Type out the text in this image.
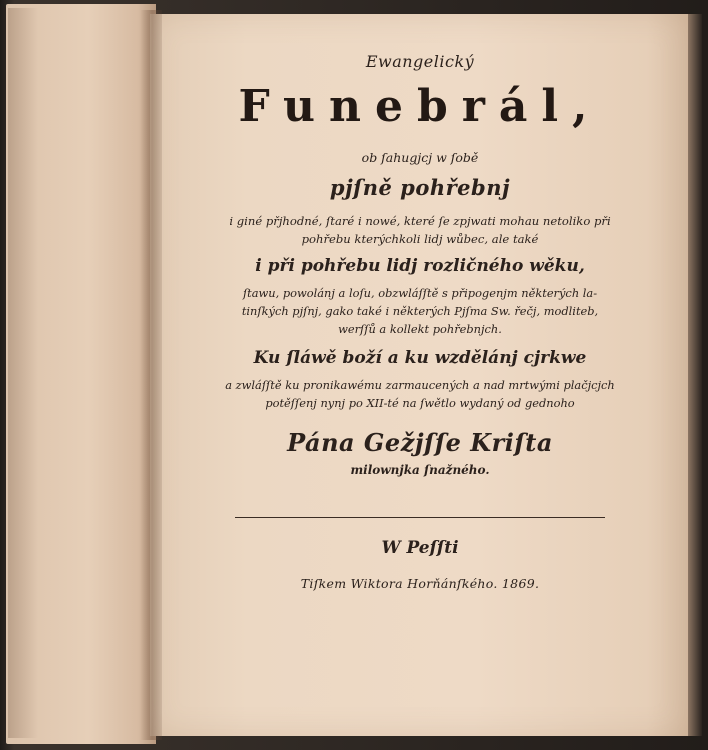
Ewangelický
Funebrál,
ob ſahugjcj w ſobě
pjſně pohřebnj
i giné přjhodné, ſtaré i nowé, které ſe zpjwati mohau netoliko při
pohřebu kterýchkoli lidj wůbec, ale také
i při pohřebu lidj rozličného wěku,
ſtawu, powolánj a loſu, obzwláſſtě s připogenjm některých la-
tinſkých pjſnj, gako také i některých Pjſma Sw. řečj, modliteb,
werſſů a kollekt pohřebnjch.
Ku ſláwě boží a ku wzdělánj cjrkwe
a zwláſſtě ku pronikawému zarmaucených a nad mrtwými plačjcjch
potěſſenj nynj po XII-té na ſwětlo wydaný od gednoho
Pána Gežjſſe Kriſta
milownjka ſnažného.
W Peſſti
Tiſkem Wiktora Horňánſkého. 1869.
